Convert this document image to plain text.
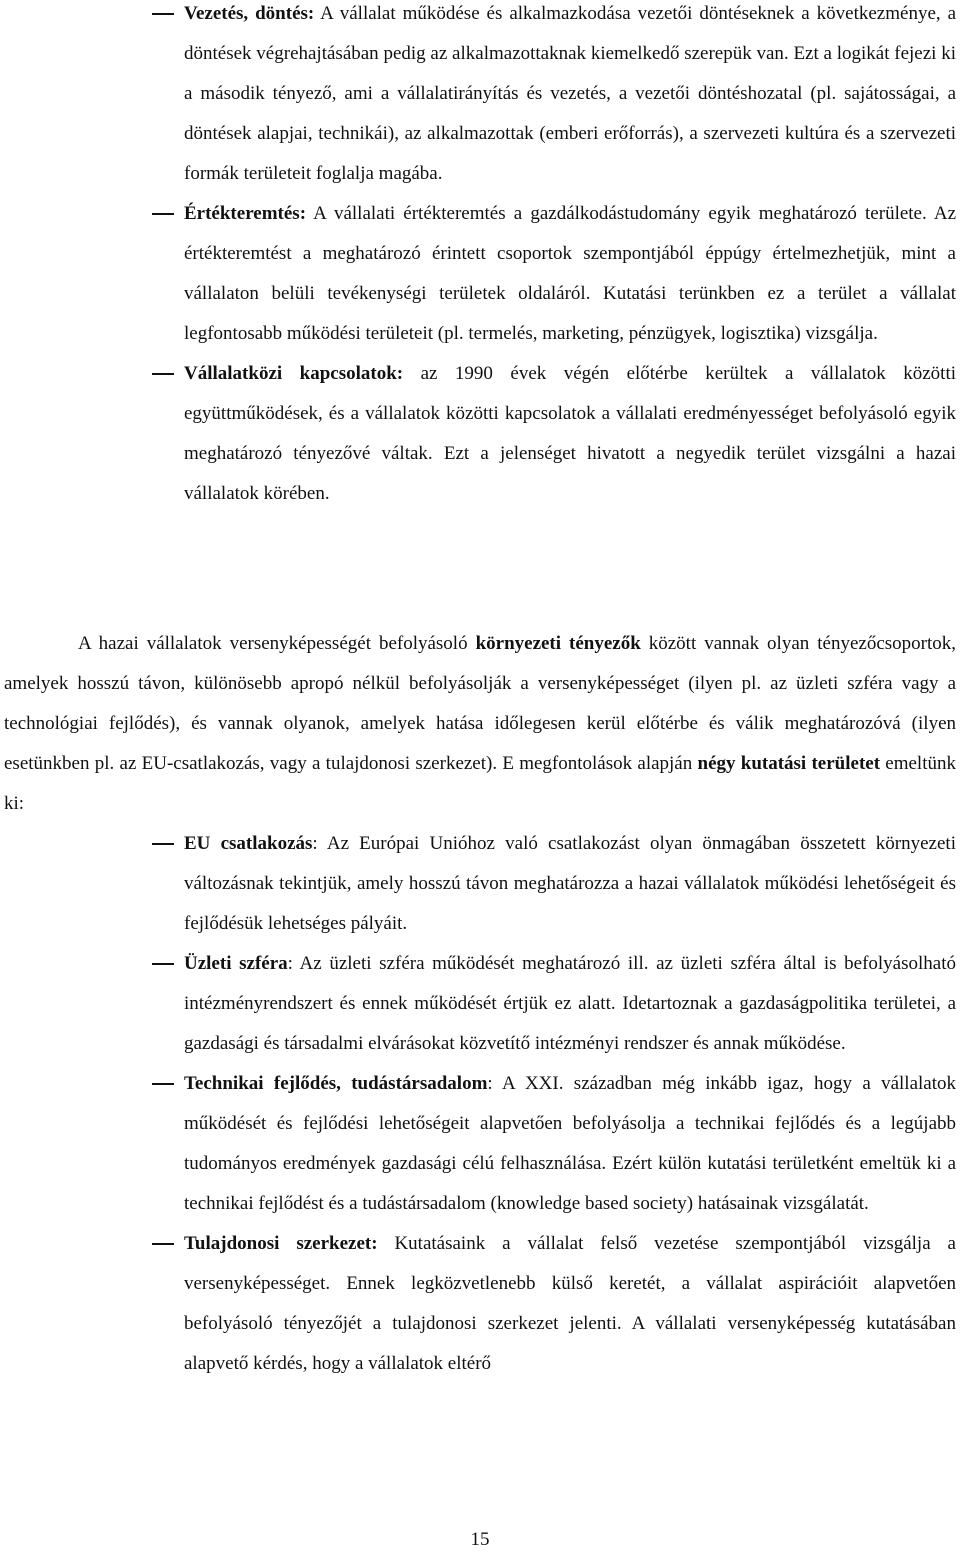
Vezetés, döntés: A vállalat működése és alkalmazkodása vezetői döntéseknek a következménye, a döntések végrehajtásában pedig az alkalmazottaknak kiemelkedő szerepük van. Ezt a logikát fejezi ki a második tényező, ami a vállalatirányítás és vezetés, a vezetői döntéshozatal (pl. sajátosságai, a döntések alapjai, technikái), az alkalmazottak (emberi erőforrás), a szervezeti kultúra és a szervezeti formák területeit foglalja magába.
Értékteremtés: A vállalati értékteremtés a gazdálkodástudomány egyik meghatározó területe. Az értékteremtést a meghatározó érintett csoportok szempontjából éppúgy értelmezhetjük, mint a vállalaton belüli tevékenységi területek oldaláról. Kutatási terünkben ez a terület a vállalat legfontosabb működési területeit (pl. termelés, marketing, pénzügyek, logisztika) vizsgálja.
Vállalatközi kapcsolatok: az 1990 évek végén előtérbe kerültek a vállalatok közötti együttműködések, és a vállalatok közötti kapcsolatok a vállalati eredményességet befolyásoló egyik meghatározó tényezővé váltak. Ezt a jelenséget hivatott a negyedik terület vizsgálni a hazai vállalatok körében.

A hazai vállalatok versenyképességét befolyásoló környezeti tényezők között vannak olyan tényezőcsoportok, amelyek hosszú távon, különösebb apropó nélkül befolyásolják a versenyképességet (ilyen pl. az üzleti szféra vagy a technológiai fejlődés), és vannak olyanok, amelyek hatása időlegesen kerül előtérbe és válik meghatározóvá (ilyen esetünkben pl. az EU-csatlakozás, vagy a tulajdonosi szerkezet). E megfontolások alapján négy kutatási területet emeltünk ki:

EU csatlakozás: Az Európai Unióhoz való csatlakozást olyan önmagában összetett környezeti változásnak tekintjük, amely hosszú távon meghatározza a hazai vállalatok működési lehetőségeit és fejlődésük lehetséges pályáit.
Üzleti szféra: Az üzleti szféra működését meghatározó ill. az üzleti szféra által is befolyásolható intézményrendszert és ennek működését értjük ez alatt. Idetartoznak a gazdaságpolitika területei, a gazdasági és társadalmi elvárásokat közvetítő intézményi rendszer és annak működése.
Technikai fejlődés, tudástársadalom: A XXI. században még inkább igaz, hogy a vállalatok működését és fejlődési lehetőségeit alapvetően befolyásolja a technikai fejlődés és a legújabb tudományos eredmények gazdasági célú felhasználása. Ezért külön kutatási területként emeltük ki a technikai fejlődést és a tudástársadalom (knowledge based society) hatásainak vizsgálatát.
Tulajdonosi szerkezet: Kutatásaink a vállalat felső vezetése szempontjából vizsgálja a versenyképességet. Ennek legközvetlenebb külső keretét, a vállalat aspirációit alapvetően befolyásoló tényezőjét a tulajdonosi szerkezet jelenti. A vállalati versenyképesség kutatásában alapvető kérdés, hogy a vállalatok eltérő
15
